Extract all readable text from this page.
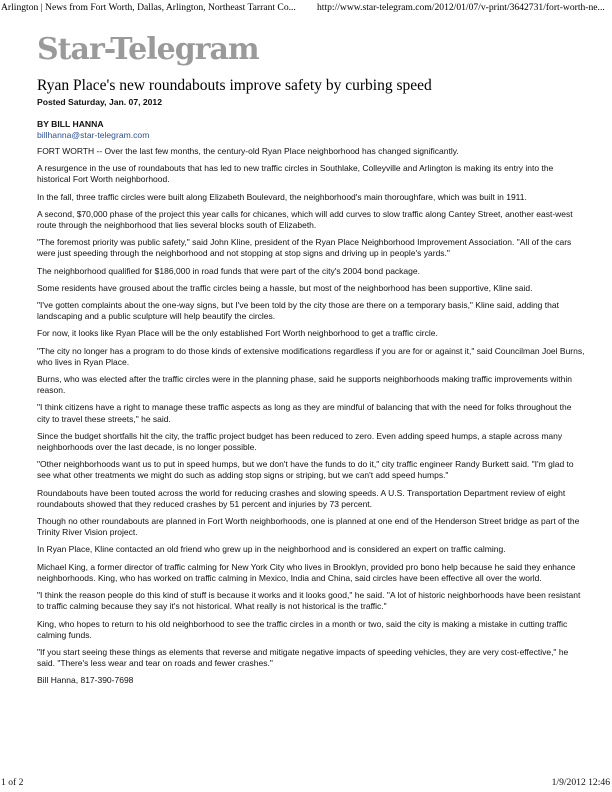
Arlington | News from Fort Worth, Dallas, Arlington, Northeast Tarrant Co... http://www.star-telegram.com/2012/01/07/v-print/3642731/fort-worth-ne...
Star-Telegram
Ryan Place's new roundabouts improve safety by curbing speed
Posted Saturday, Jan. 07, 2012
BY BILL HANNA
billhanna@star-telegram.com

FORT WORTH -- Over the last few months, the century-old Ryan Place neighborhood has changed significantly.

A resurgence in the use of roundabouts that has led to new traffic circles in Southlake, Colleyville and Arlington is making its entry into the historical Fort Worth neighborhood.

In the fall, three traffic circles were built along Elizabeth Boulevard, the neighborhood's main thoroughfare, which was built in 1911.

A second, $70,000 phase of the project this year calls for chicanes, which will add curves to slow traffic along Cantey Street, another east-west route through the neighborhood that lies several blocks south of Elizabeth.

"The foremost priority was public safety," said John Kline, president of the Ryan Place Neighborhood Improvement Association. "All of the cars were just speeding through the neighborhood and not stopping at stop signs and driving up in people's yards."

The neighborhood qualified for $186,000 in road funds that were part of the city's 2004 bond package.

Some residents have groused about the traffic circles being a hassle, but most of the neighborhood has been supportive, Kline said.

"I've gotten complaints about the one-way signs, but I've been told by the city those are there on a temporary basis," Kline said, adding that landscaping and a public sculpture will help beautify the circles.

For now, it looks like Ryan Place will be the only established Fort Worth neighborhood to get a traffic circle.

"The city no longer has a program to do those kinds of extensive modifications regardless if you are for or against it," said Councilman Joel Burns, who lives in Ryan Place.

Burns, who was elected after the traffic circles were in the planning phase, said he supports neighborhoods making traffic improvements within reason.

"I think citizens have a right to manage these traffic aspects as long as they are mindful of balancing that with the need for folks throughout the city to travel these streets," he said.

Since the budget shortfalls hit the city, the traffic project budget has been reduced to zero. Even adding speed humps, a staple across many neighborhoods over the last decade, is no longer possible.

"Other neighborhoods want us to put in speed humps, but we don't have the funds to do it," city traffic engineer Randy Burkett said. "I'm glad to see what other treatments we might do such as adding stop signs or striping, but we can't add speed humps."

Roundabouts have been touted across the world for reducing crashes and slowing speeds. A U.S. Transportation Department review of eight roundabouts showed that they reduced crashes by 51 percent and injuries by 73 percent.

Though no other roundabouts are planned in Fort Worth neighborhoods, one is planned at one end of the Henderson Street bridge as part of the Trinity River Vision project.

In Ryan Place, Kline contacted an old friend who grew up in the neighborhood and is considered an expert on traffic calming.

Michael King, a former director of traffic calming for New York City who lives in Brooklyn, provided pro bono help because he said they enhance neighborhoods. King, who has worked on traffic calming in Mexico, India and China, said circles have been effective all over the world.

"I think the reason people do this kind of stuff is because it works and it looks good," he said. "A lot of historic neighborhoods have been resistant to traffic calming because they say it's not historical. What really is not historical is the traffic."

King, who hopes to return to his old neighborhood to see the traffic circles in a month or two, said the city is making a mistake in cutting traffic calming funds.

"If you start seeing these things as elements that reverse and mitigate negative impacts of speeding vehicles, they are very cost-effective," he said. "There's less wear and tear on roads and fewer crashes."

Bill Hanna, 817-390-7698

1 of 2	1/9/2012 12:46
